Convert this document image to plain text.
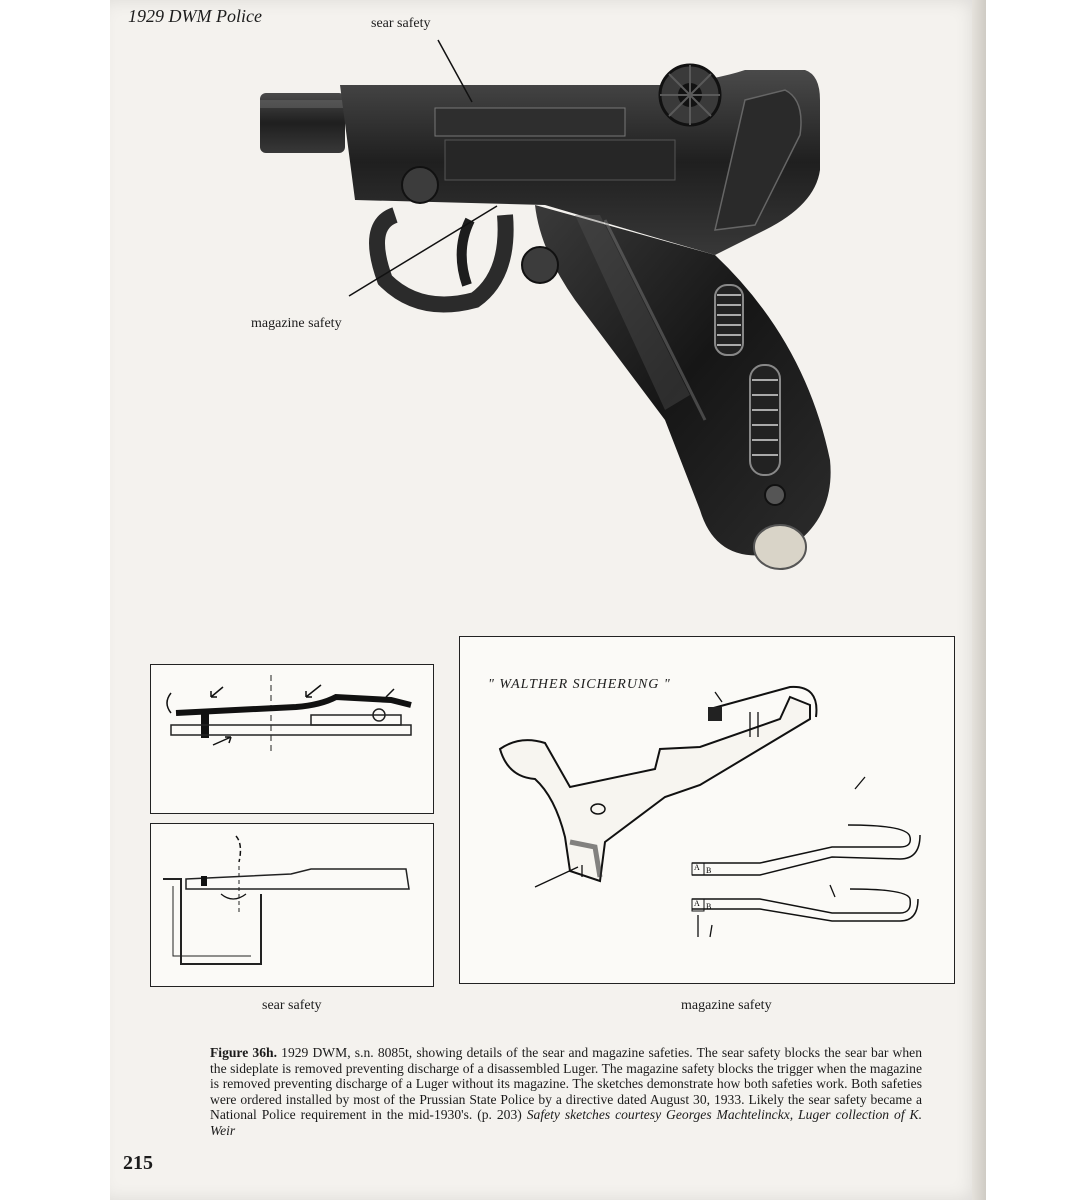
1929 DWM Police	sear safety
magazine safety
" WALTHER SICHERUNG "
A B
A B
sear safety	magazine safety
Figure 36h. 1929 DWM, s.n. 8085t, showing details of the sear and magazine safeties. The sear safety blocks the sear bar when the sideplate is removed preventing discharge of a disassembled Luger. The magazine safety blocks the trigger when the magazine is removed preventing discharge of a Luger without its magazine. The sketches demonstrate how both safeties work. Both safeties were ordered installed by most of the Prussian State Police by a directive dated August 30, 1933. Likely the sear safety became a National Police requirement in the mid-1930's. (p. 203) Safety sketches courtesy Georges Machtelinckx, Luger collection of K. Weir
215
